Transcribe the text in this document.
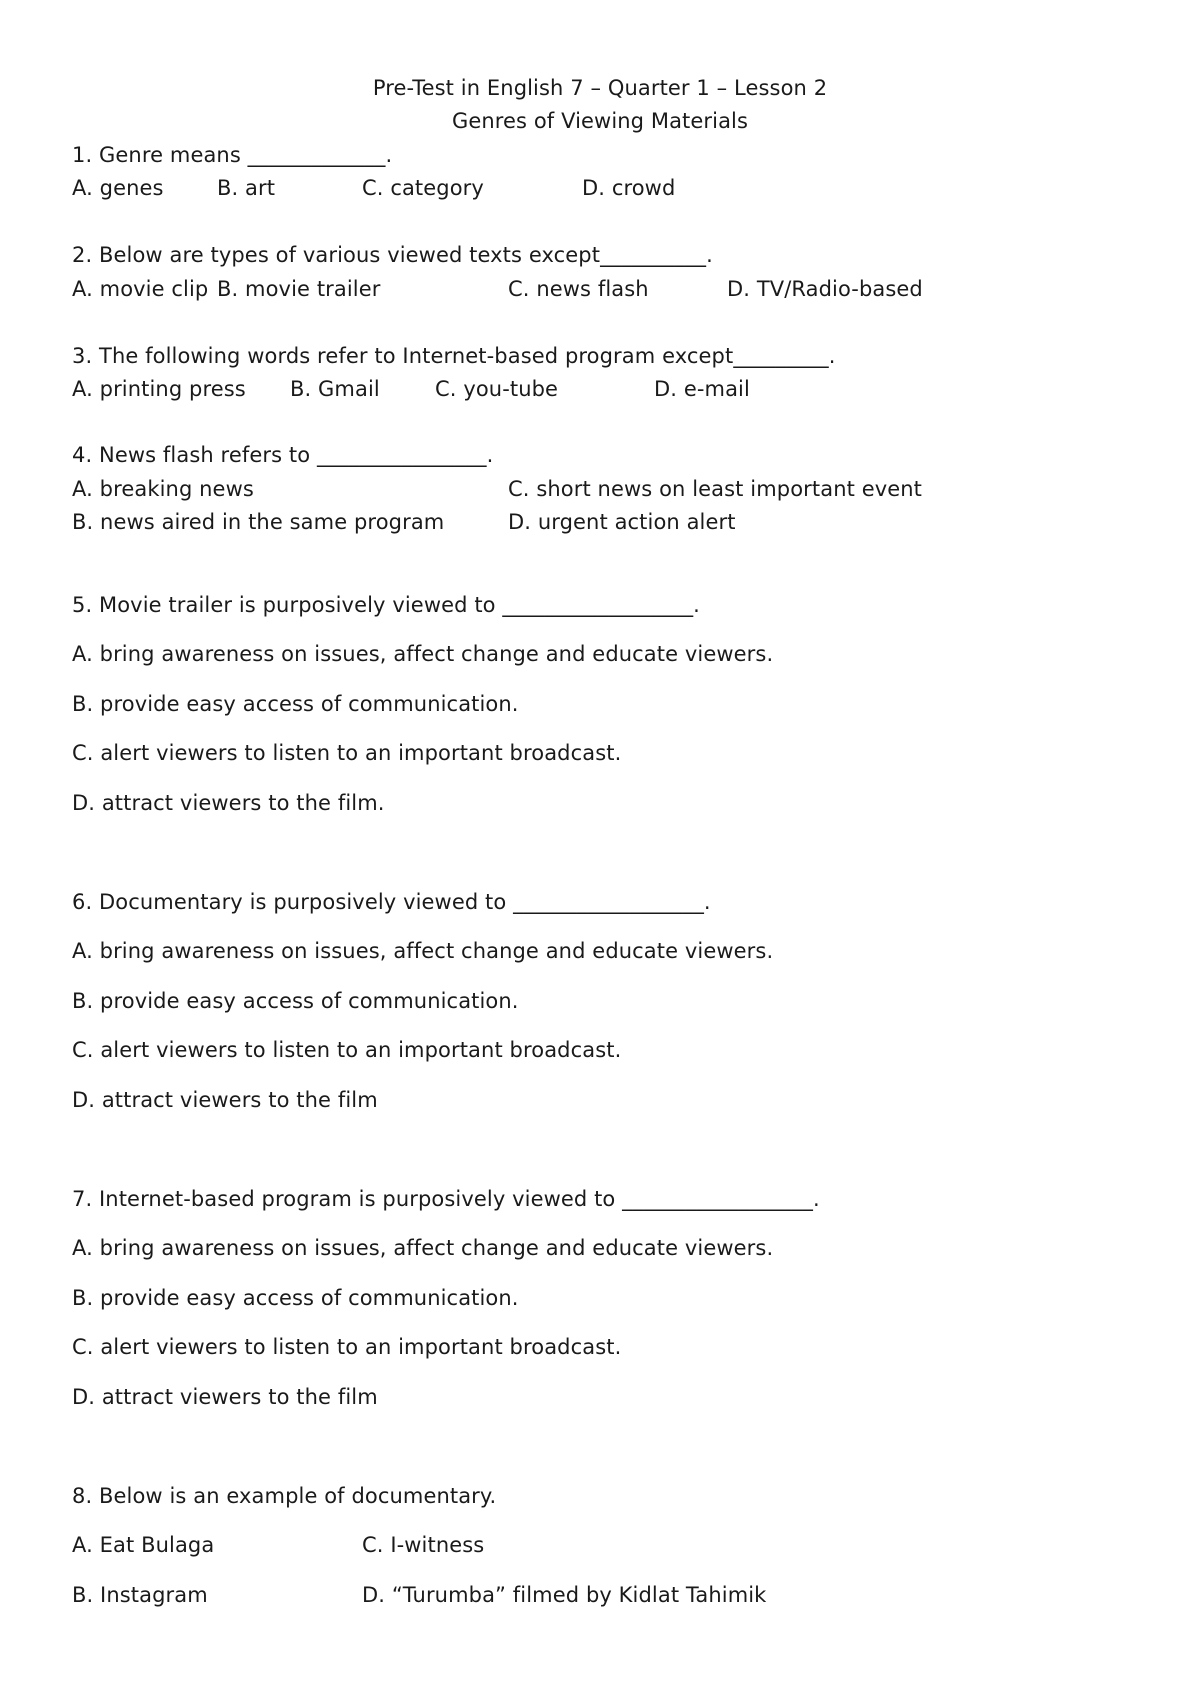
Pre-Test in English 7 – Quarter 1 – Lesson 2
Genres of Viewing Materials
1. Genre means _____________.
A. genes	B. art	C. category	D. crowd
2. Below are types of various viewed texts except__________.
A. movie clip B. movie trailer	C. news flash	D. TV/Radio-based
3. The following words refer to Internet-based program except_________.
A. printing press B. Gmail	C. you-tube	D. e-mail
4. News flash refers to ________________.
A. breaking news	C. short news on least important event
B. news aired in the same program	D. urgent action alert
5. Movie trailer is purposively viewed to __________________.
A. bring awareness on issues, affect change and educate viewers.
B. provide easy access of communication.
C. alert viewers to listen to an important broadcast.
D. attract viewers to the film.
6. Documentary is purposively viewed to __________________.
A. bring awareness on issues, affect change and educate viewers.
B. provide easy access of communication.
C. alert viewers to listen to an important broadcast.
D. attract viewers to the film
7. Internet-based program is purposively viewed to __________________.
A. bring awareness on issues, affect change and educate viewers.
B. provide easy access of communication.
C. alert viewers to listen to an important broadcast.
D. attract viewers to the film
8. Below is an example of documentary.
A. Eat Bulaga	C. I-witness
B. Instagram	D. “Turumba” filmed by Kidlat Tahimik
